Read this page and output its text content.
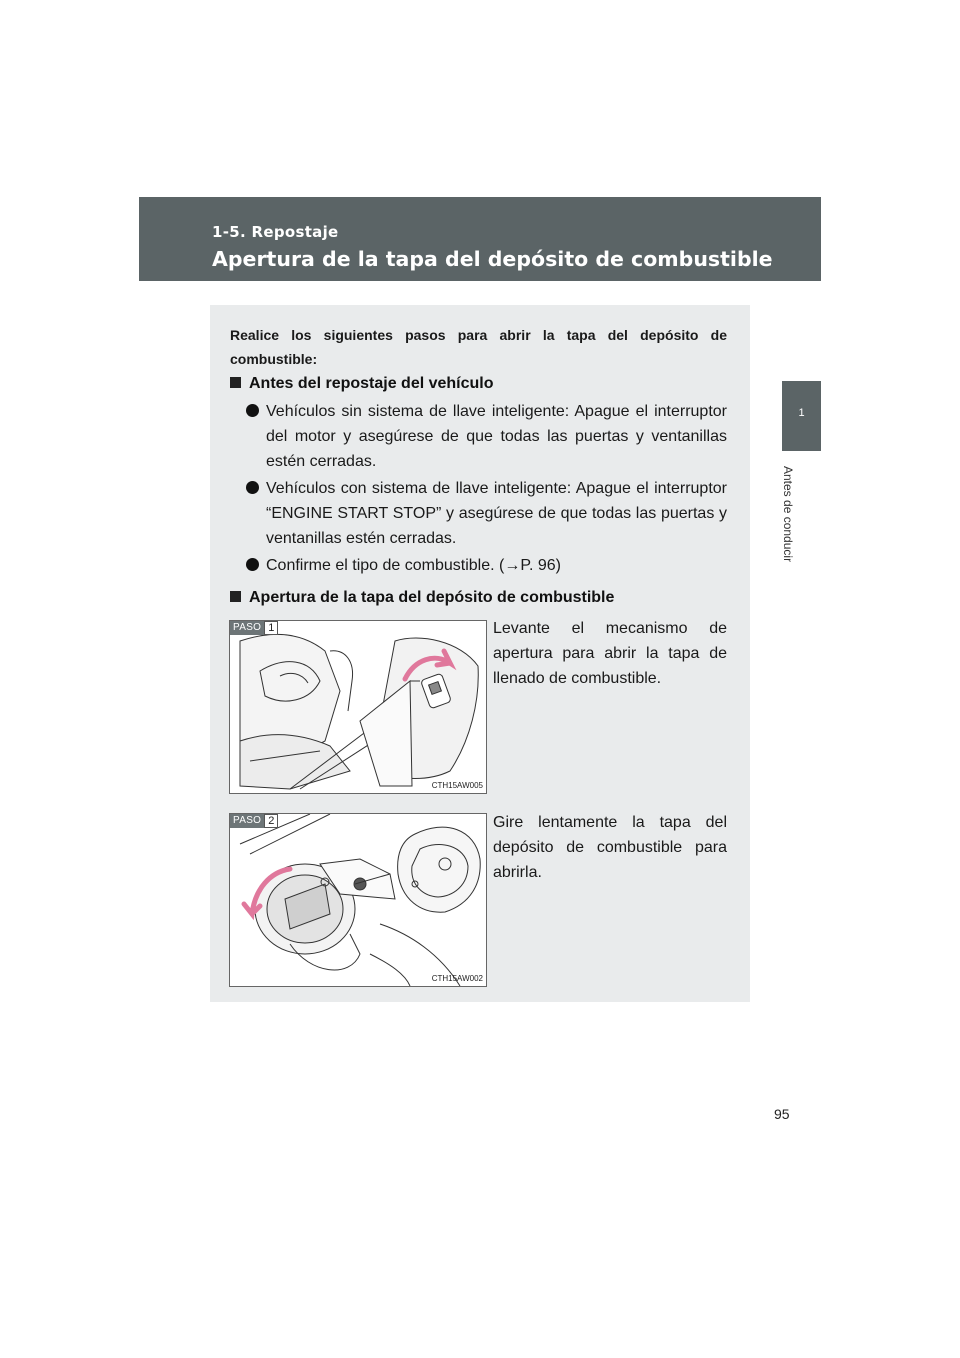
1-5. Repostaje
Apertura de la tapa del depósito de combustible
1
Antes de conducir
Realice los siguientes pasos para abrir la tapa del depósito de combustible:
Antes del repostaje del vehículo
Vehículos sin sistema de llave inteligente: Apague el interruptor del motor y asegúrese de que todas las puertas y ventanillas estén cerradas.
Vehículos con sistema de llave inteligente: Apague el interruptor “ENGINE START STOP” y asegúrese de que todas las puertas y ventanillas estén cerradas.
Confirme el tipo de combustible. (→P. 96)
Apertura de la tapa del depósito de combustible
PASO 1
CTH15AW005
Levante el mecanismo de apertura para abrir la tapa de llenado de combustible.
PASO 2
CTH15AW002
Gire lentamente la tapa del depósito de combustible para abrirla.
95
